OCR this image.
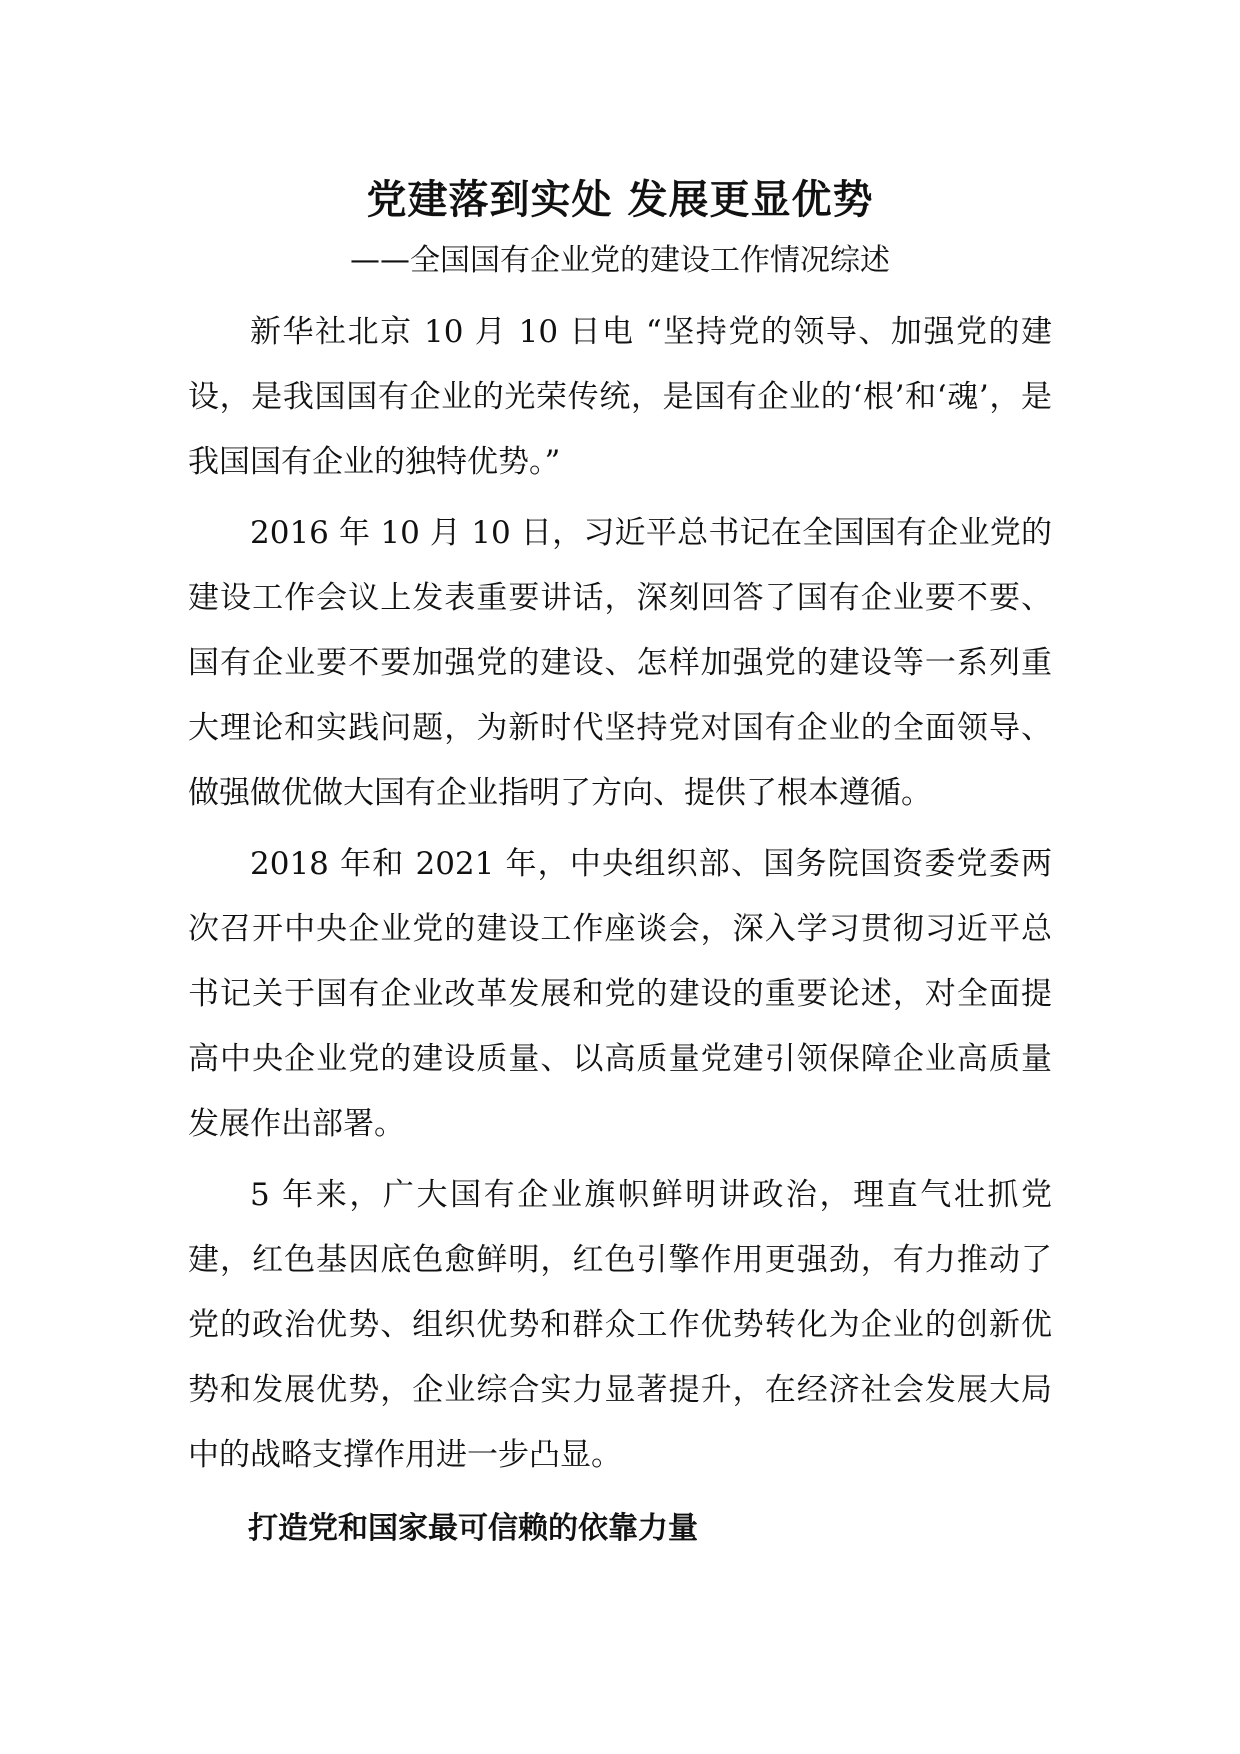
党建落到实处 发展更显优势
——全国国有企业党的建设工作情况综述

新华社北京 10 月 10 日电 “坚持党的领导、加强党的建设，是我国国有企业的光荣传统，是国有企业的‘根’和‘魂’，是我国国有企业的独特优势。”

2016 年 10 月 10 日，习近平总书记在全国国有企业党的建设工作会议上发表重要讲话，深刻回答了国有企业要不要、国有企业要不要加强党的建设、怎样加强党的建设等一系列重大理论和实践问题，为新时代坚持党对国有企业的全面领导、做强做优做大国有企业指明了方向、提供了根本遵循。

2018 年和 2021 年，中央组织部、国务院国资委党委两次召开中央企业党的建设工作座谈会，深入学习贯彻习近平总书记关于国有企业改革发展和党的建设的重要论述，对全面提高中央企业党的建设质量、以高质量党建引领保障企业高质量发展作出部署。

5 年来，广大国有企业旗帜鲜明讲政治，理直气壮抓党建，红色基因底色愈鲜明，红色引擎作用更强劲，有力推动了党的政治优势、组织优势和群众工作优势转化为企业的创新优势和发展优势，企业综合实力显著提升，在经济社会发展大局中的战略支撑作用进一步凸显。

打造党和国家最可信赖的依靠力量
